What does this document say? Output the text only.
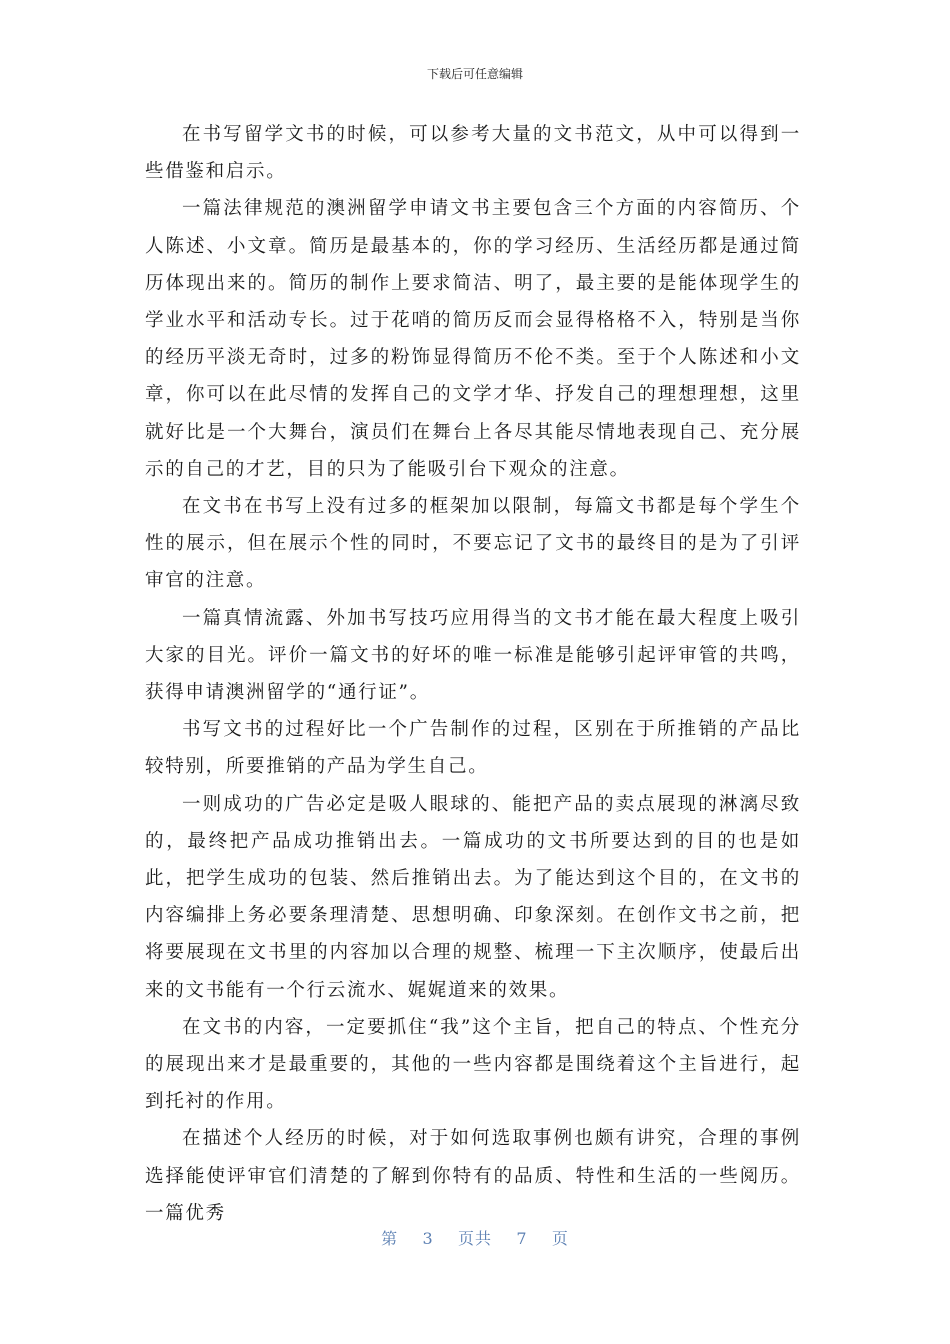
下载后可任意编辑

在书写留学文书的时候，可以参考大量的文书范文，从中可以得到一些借鉴和启示。

一篇法律规范的澳洲留学申请文书主要包含三个方面的内容简历、个人陈述、小文章。简历是最基本的，你的学习经历、生活经历都是通过简历体现出来的。简历的制作上要求简洁、明了，最主要的是能体现学生的学业水平和活动专长。过于花哨的简历反而会显得格格不入，特别是当你的经历平淡无奇时，过多的粉饰显得简历不伦不类。至于个人陈述和小文章，你可以在此尽情的发挥自己的文学才华、抒发自己的理想理想，这里就好比是一个大舞台，演员们在舞台上各尽其能尽情地表现自己、充分展示的自己的才艺，目的只为了能吸引台下观众的注意。

在文书在书写上没有过多的框架加以限制，每篇文书都是每个学生个性的展示，但在展示个性的同时，不要忘记了文书的最终目的是为了引评审官的注意。

一篇真情流露、外加书写技巧应用得当的文书才能在最大程度上吸引大家的目光。评价一篇文书的好坏的唯一标准是能够引起评审管的共鸣，获得申请澳洲留学的“通行证”。

书写文书的过程好比一个广告制作的过程，区别在于所推销的产品比较特别，所要推销的产品为学生自己。

一则成功的广告必定是吸人眼球的、能把产品的卖点展现的淋漓尽致的，最终把产品成功推销出去。一篇成功的文书所要达到的目的也是如此，把学生成功的包装、然后推销出去。为了能达到这个目的，在文书的内容编排上务必要条理清楚、思想明确、印象深刻。在创作文书之前，把将要展现在文书里的内容加以合理的规整、梳理一下主次顺序，使最后出来的文书能有一个行云流水、娓娓道来的效果。

在文书的内容，一定要抓住“我”这个主旨，把自己的特点、个性充分的展现出来才是最重要的，其他的一些内容都是围绕着这个主旨进行，起到托衬的作用。

在描述个人经历的时候，对于如何选取事例也颇有讲究，合理的事例选择能使评审官们清楚的了解到你特有的品质、特性和生活的一些阅历。一篇优秀

第 3 页共 7 页
